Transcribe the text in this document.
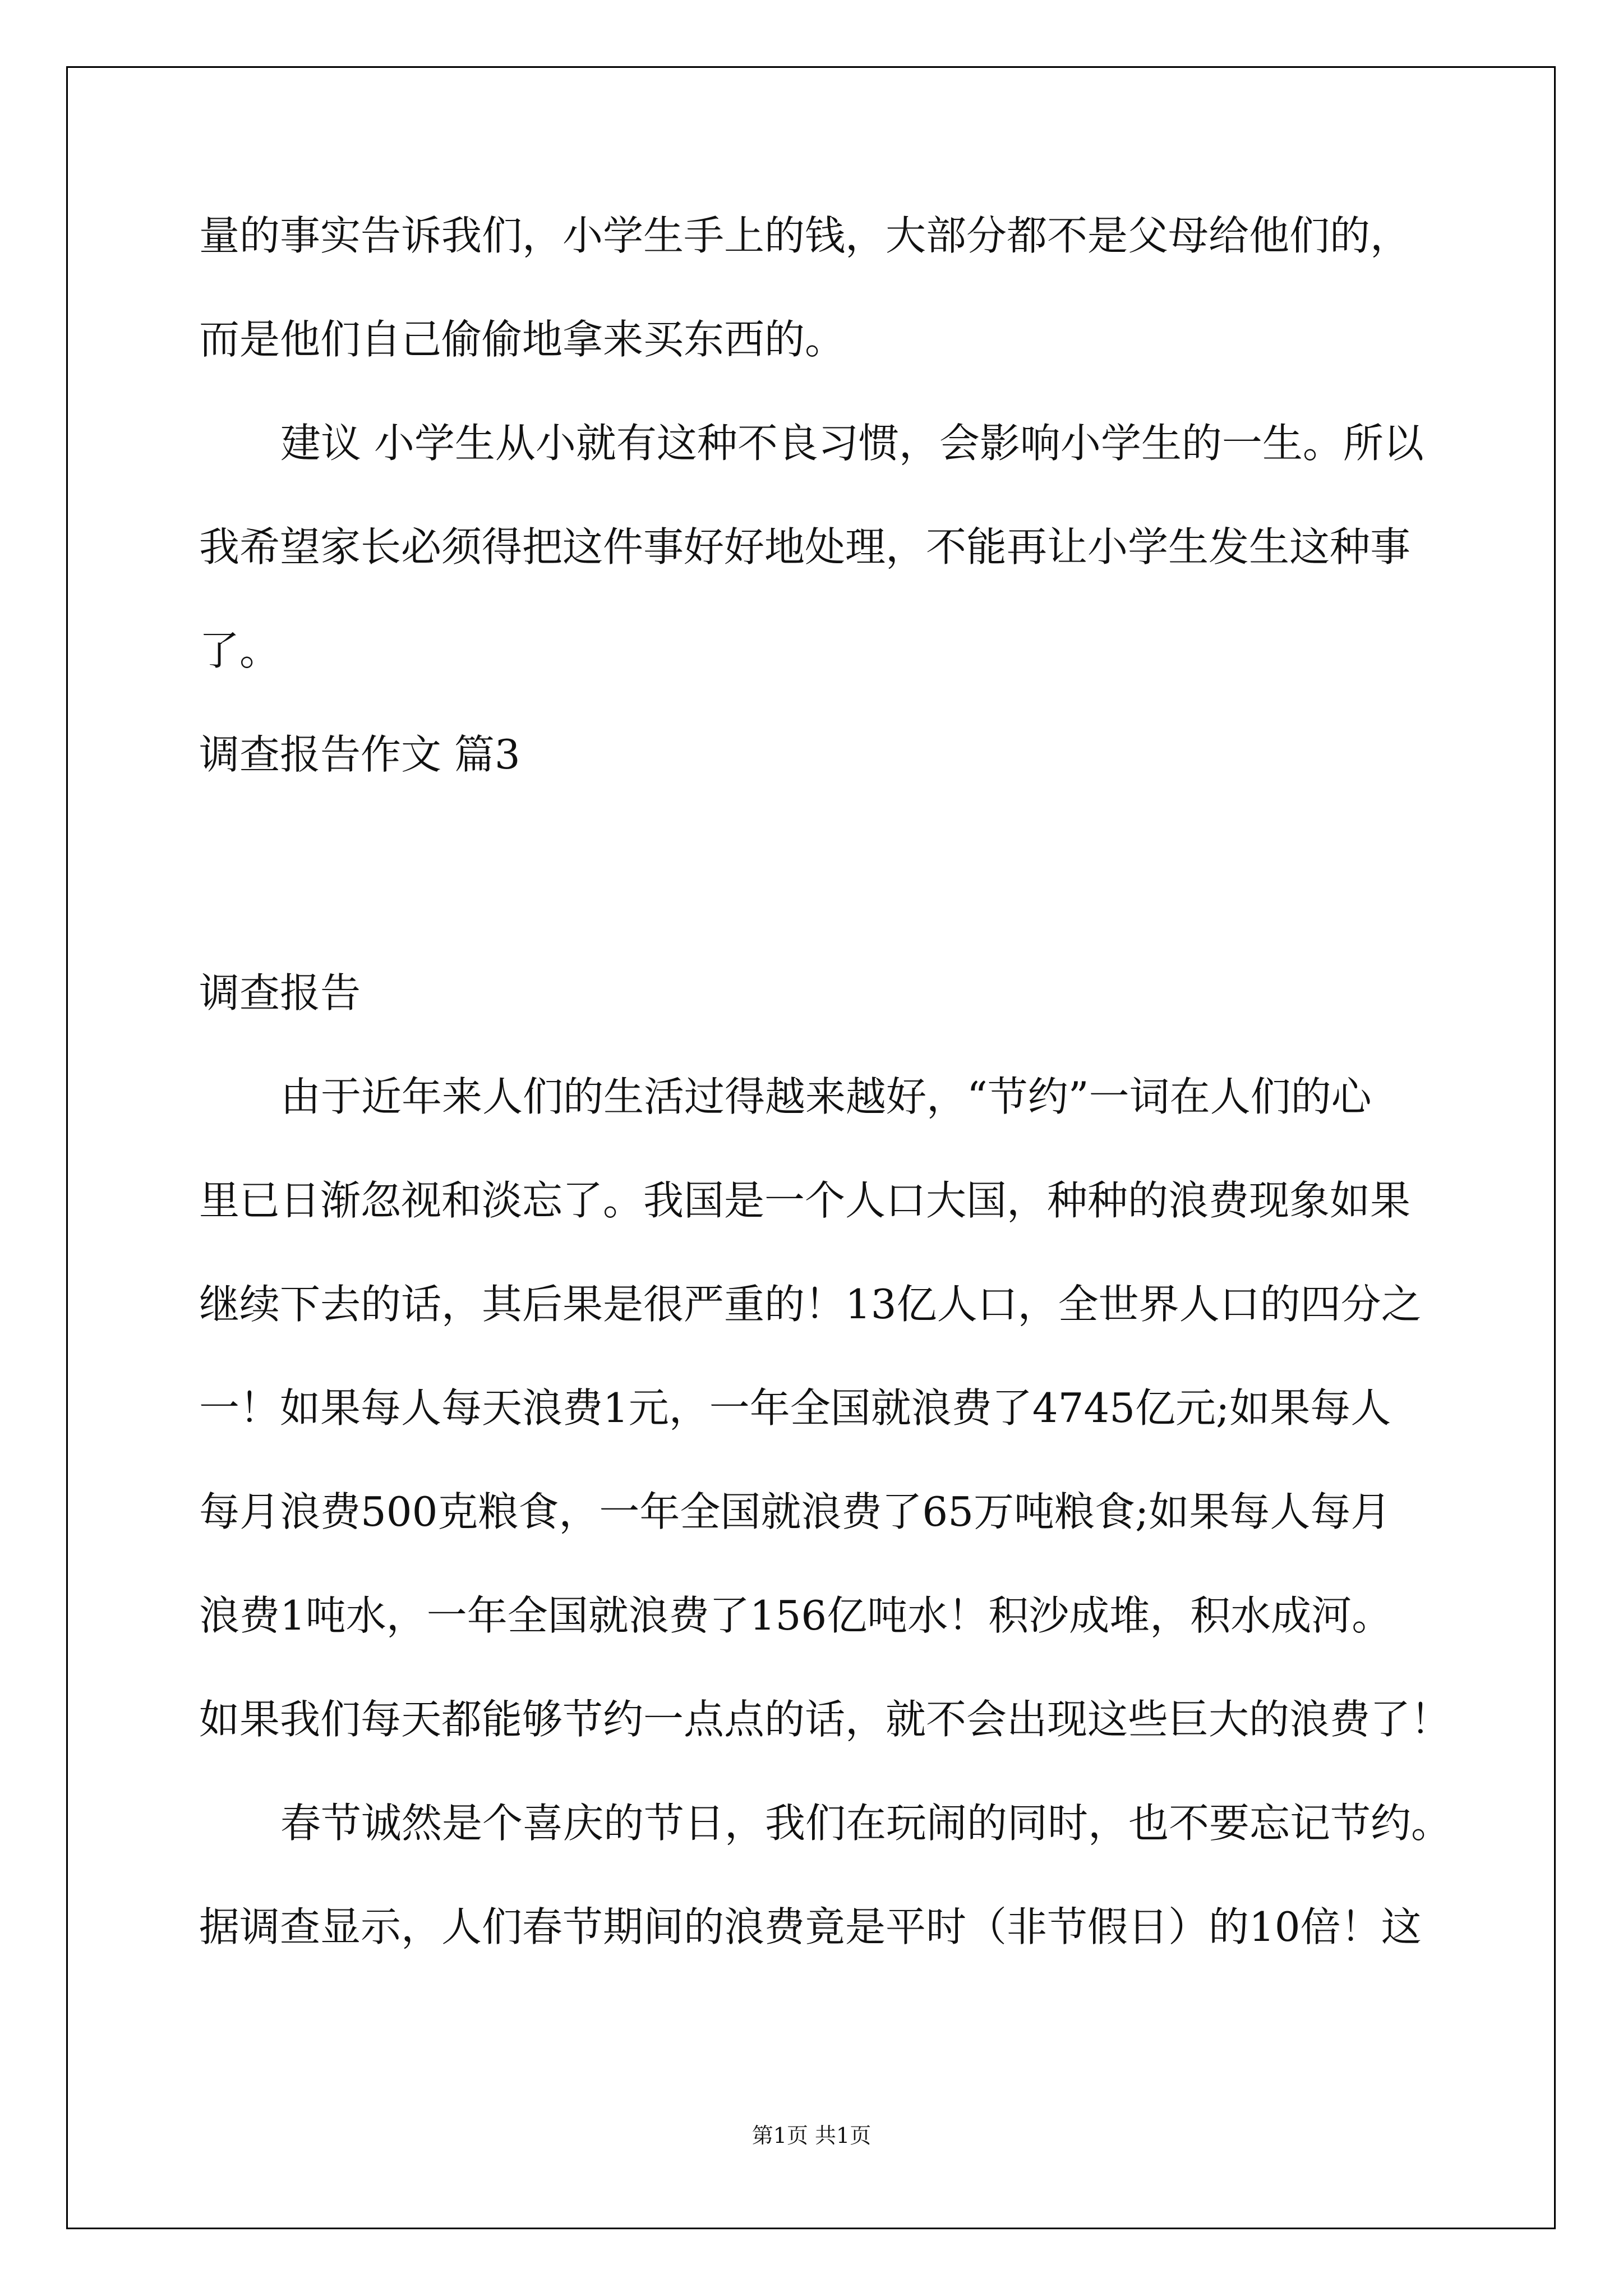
量的事实告诉我们，小学生手上的钱，大部分都不是父母给他们的，

而是他们自己偷偷地拿来买东西的。

建议 小学生从小就有这种不良习惯，会影响小学生的一生。所以

我希望家长必须得把这件事好好地处理，不能再让小学生发生这种事

了。

调查报告作文 篇3

调查报告

由于近年来人们的生活过得越来越好，“节约”一词在人们的心

里已日渐忽视和淡忘了。我国是一个人口大国，种种的浪费现象如果

继续下去的话，其后果是很严重的！13亿人口，全世界人口的四分之

一！如果每人每天浪费1元，一年全国就浪费了4745亿元;如果每人

每月浪费500克粮食，一年全国就浪费了65万吨粮食;如果每人每月

浪费1吨水，一年全国就浪费了156亿吨水！积沙成堆，积水成河。

如果我们每天都能够节约一点点的话，就不会出现这些巨大的浪费了！

春节诚然是个喜庆的节日，我们在玩闹的同时，也不要忘记节约。

据调查显示，人们春节期间的浪费竟是平时（非节假日）的10倍！这

第1页 共1页
